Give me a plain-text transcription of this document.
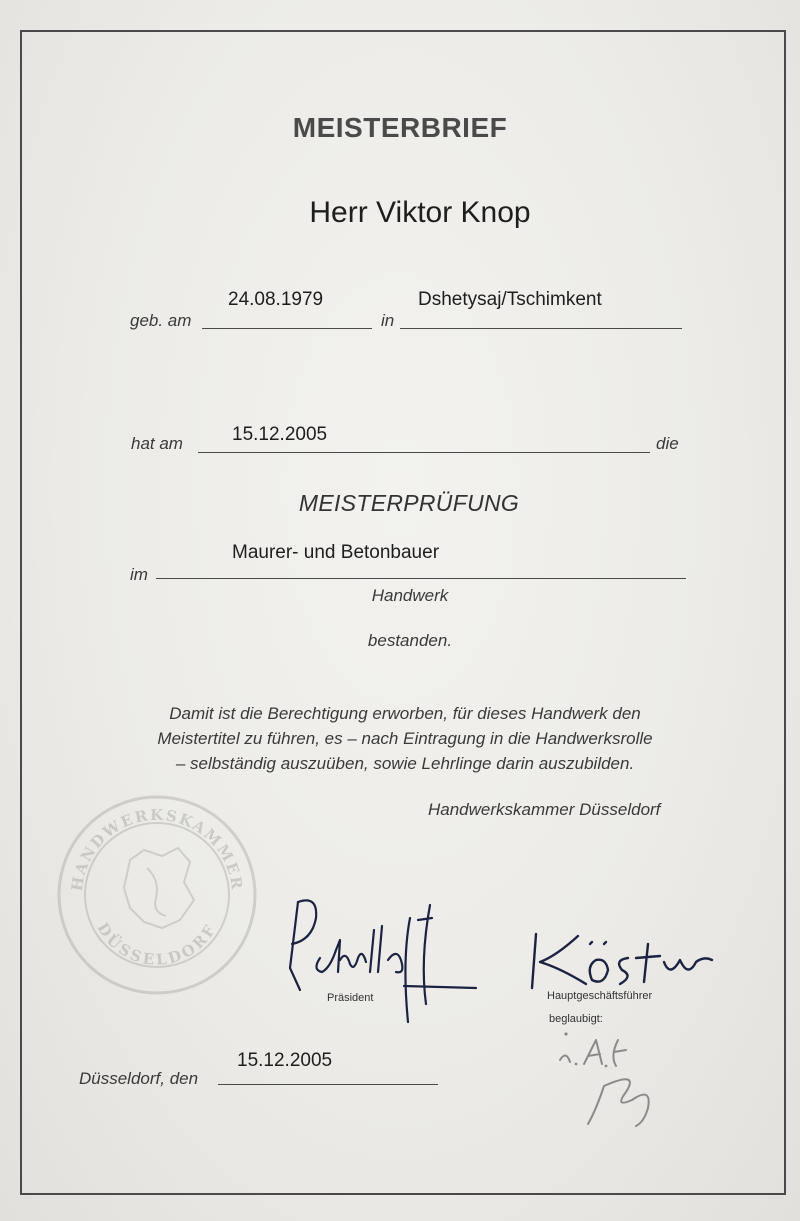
MEISTERBRIEF
Herr Viktor Knop
geb. am
24.08.1979
in
Dshetysaj/Tschimkent
hat am	15.12.2005	die
MEISTERPRÜFUNG
im
Maurer- und Betonbauer
Handwerk
bestanden.
Damit ist die Berechtigung erworben, für dieses Handwerk den
Meistertitel zu führen, es – nach Eintragung in die Handwerksrolle
– selbständig auszuüben, sowie Lehrlinge darin auszubilden.
Handwerkskammer Düsseldorf
HANDWERKSKAMMER
DÜSSELDORF
Präsident	Hauptgeschäftsführer
beglaubigt:
Düsseldorf, den
15.12.2005
